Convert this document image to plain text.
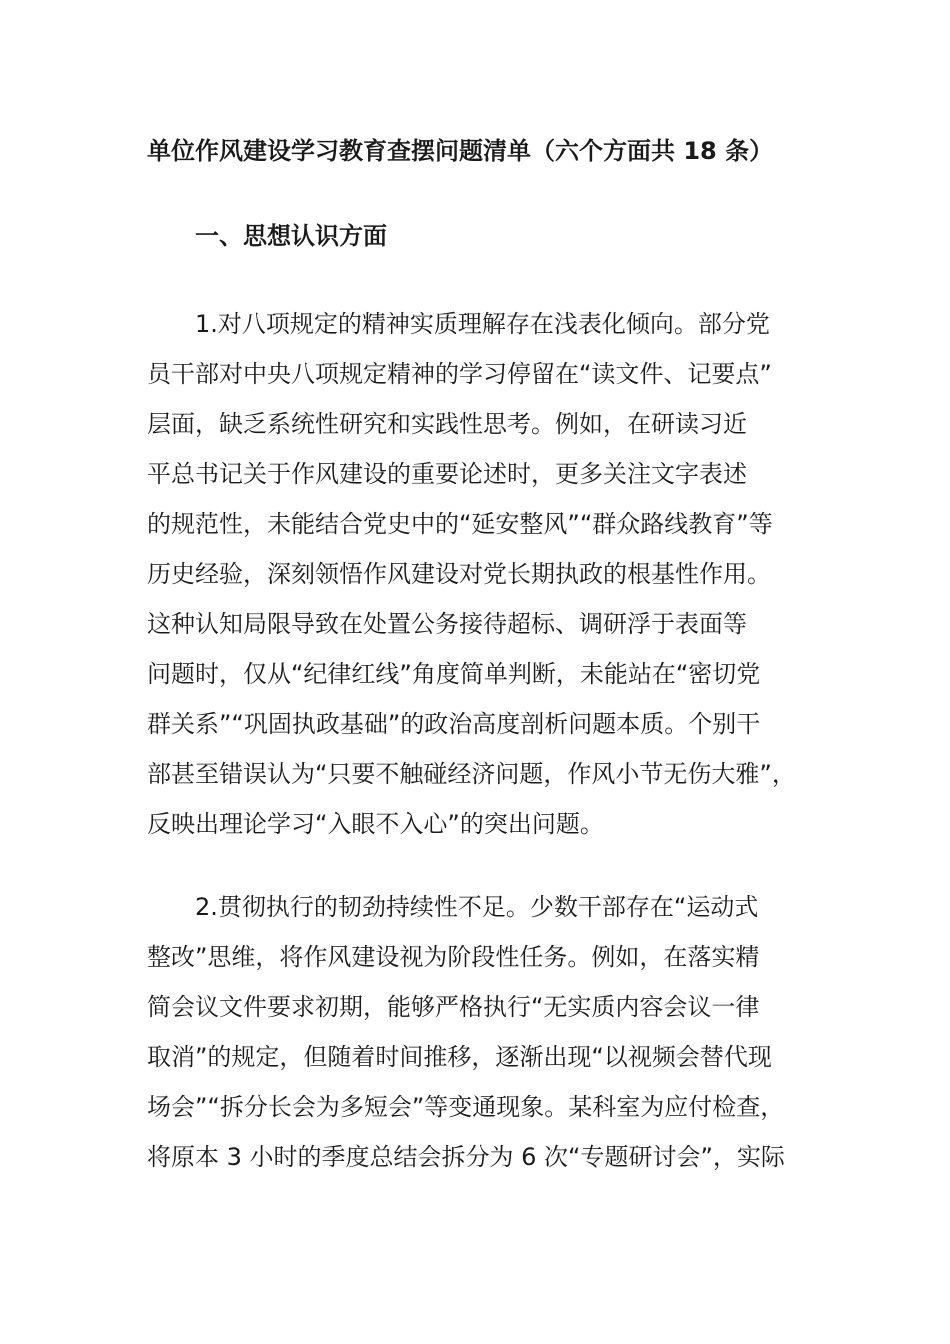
单位作风建设学习教育查摆问题清单（六个方面共 18 条）
一、思想认识方面
1.对八项规定的精神实质理解存在浅表化倾向。部分党
员干部对中央八项规定精神的学习停留在“读文件、记要点”
层面，缺乏系统性研究和实践性思考。例如，在研读习近
平总书记关于作风建设的重要论述时，更多关注文字表述
的规范性，未能结合党史中的“延安整风”“群众路线教育”等
历史经验，深刻领悟作风建设对党长期执政的根基性作用。
这种认知局限导致在处置公务接待超标、调研浮于表面等
问题时，仅从“纪律红线”角度简单判断，未能站在“密切党
群关系”“巩固执政基础”的政治高度剖析问题本质。个别干
部甚至错误认为“只要不触碰经济问题，作风小节无伤大雅”，
反映出理论学习“入眼不入心”的突出问题。
2.贯彻执行的韧劲持续性不足。少数干部存在“运动式
整改”思维，将作风建设视为阶段性任务。例如，在落实精
简会议文件要求初期，能够严格执行“无实质内容会议一律
取消”的规定，但随着时间推移，逐渐出现“以视频会替代现
场会”“拆分长会为多短会”等变通现象。某科室为应付检查，
将原本 3 小时的季度总结会拆分为 6 次“专题研讨会”，实际
